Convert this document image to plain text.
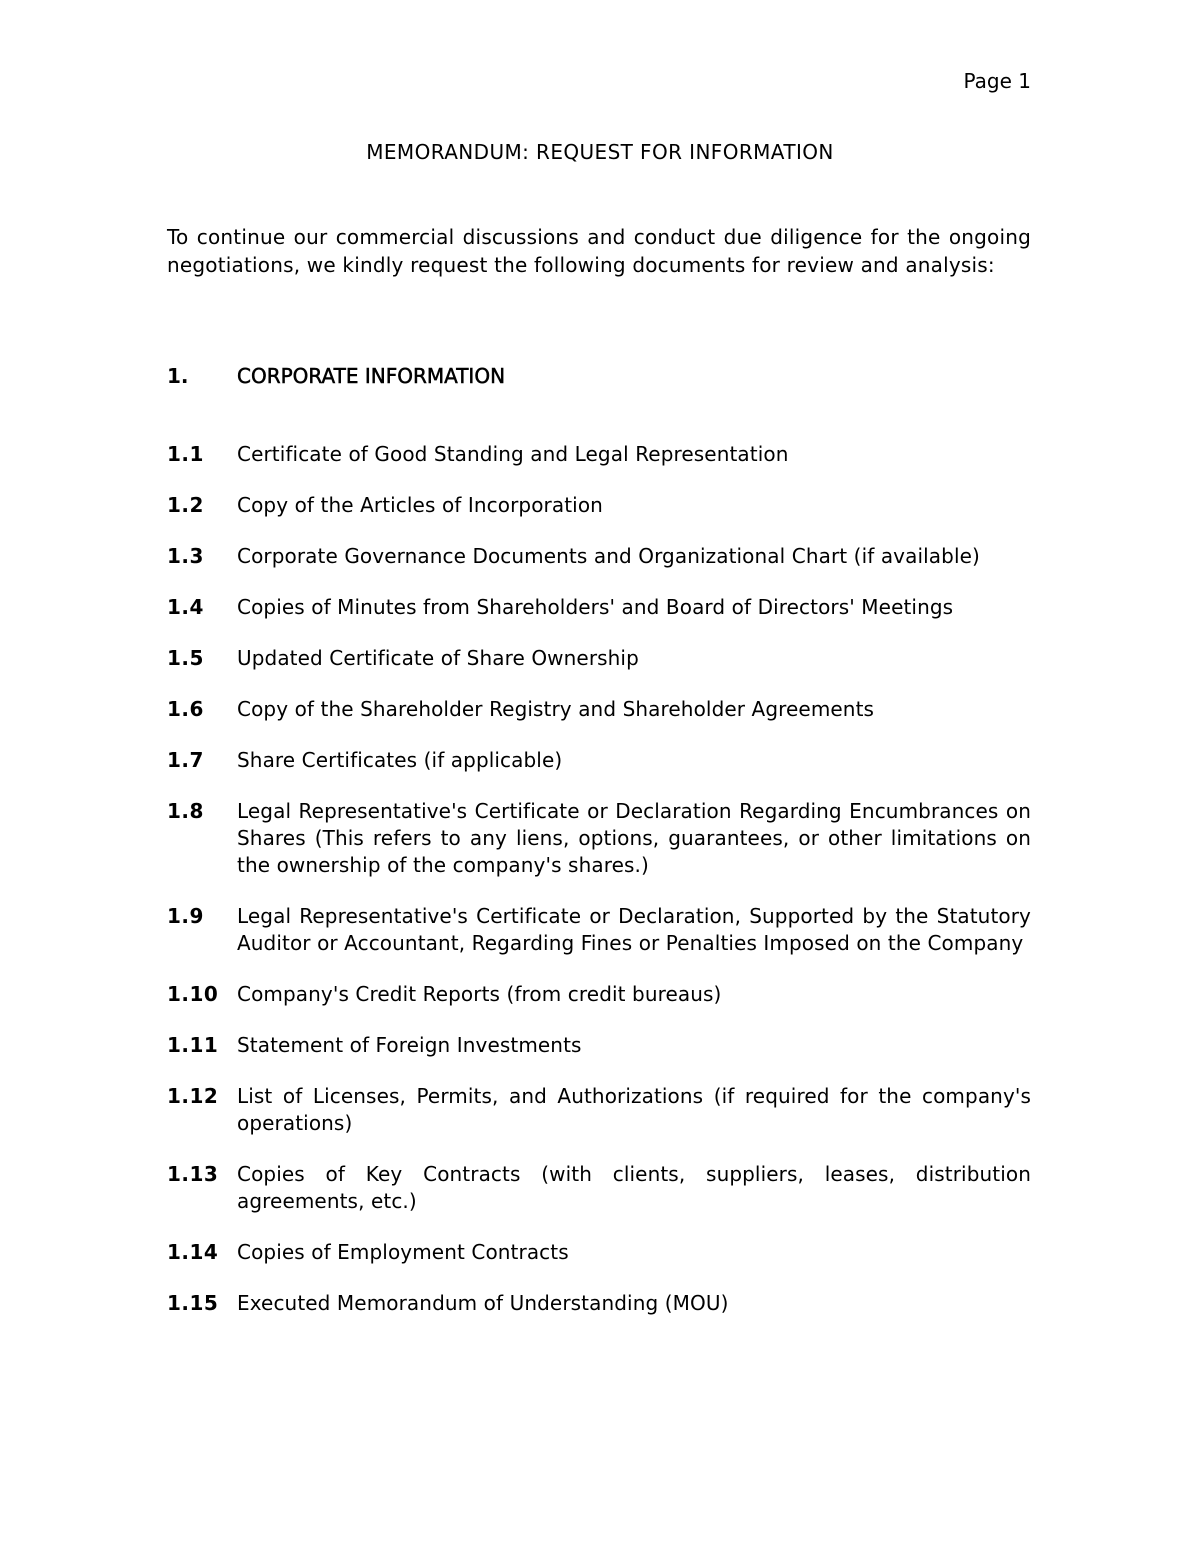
Page 1
MEMORANDUM: REQUEST FOR INFORMATION

To continue our commercial discussions and conduct due diligence for the ongoing negotiations, we kindly request the following documents for review and analysis:

1.	CORPORATE INFORMATION
1.1	Certificate of Good Standing and Legal Representation
1.2	Copy of the Articles of Incorporation
1.3	Corporate Governance Documents and Organizational Chart (if available)
1.4	Copies of Minutes from Shareholders' and Board of Directors' Meetings
1.5	Updated Certificate of Share Ownership
1.6	Copy of the Shareholder Registry and Shareholder Agreements
1.7	Share Certificates (if applicable)
1.8	Legal Representative's Certificate or Declaration Regarding Encumbrances on Shares (This refers to any liens, options, guarantees, or other limitations on the ownership of the company's shares.)
1.9	Legal Representative's Certificate or Declaration, Supported by the Statutory Auditor or Accountant, Regarding Fines or Penalties Imposed on the Company
1.10 Company's Credit Reports (from credit bureaus)
1.11 Statement of Foreign Investments
1.12 List of Licenses, Permits, and Authorizations (if required for the company's operations)
1.13 Copies of Key Contracts (with clients, suppliers, leases, distribution agreements, etc.)
1.14 Copies of Employment Contracts
1.15 Executed Memorandum of Understanding (MOU)
